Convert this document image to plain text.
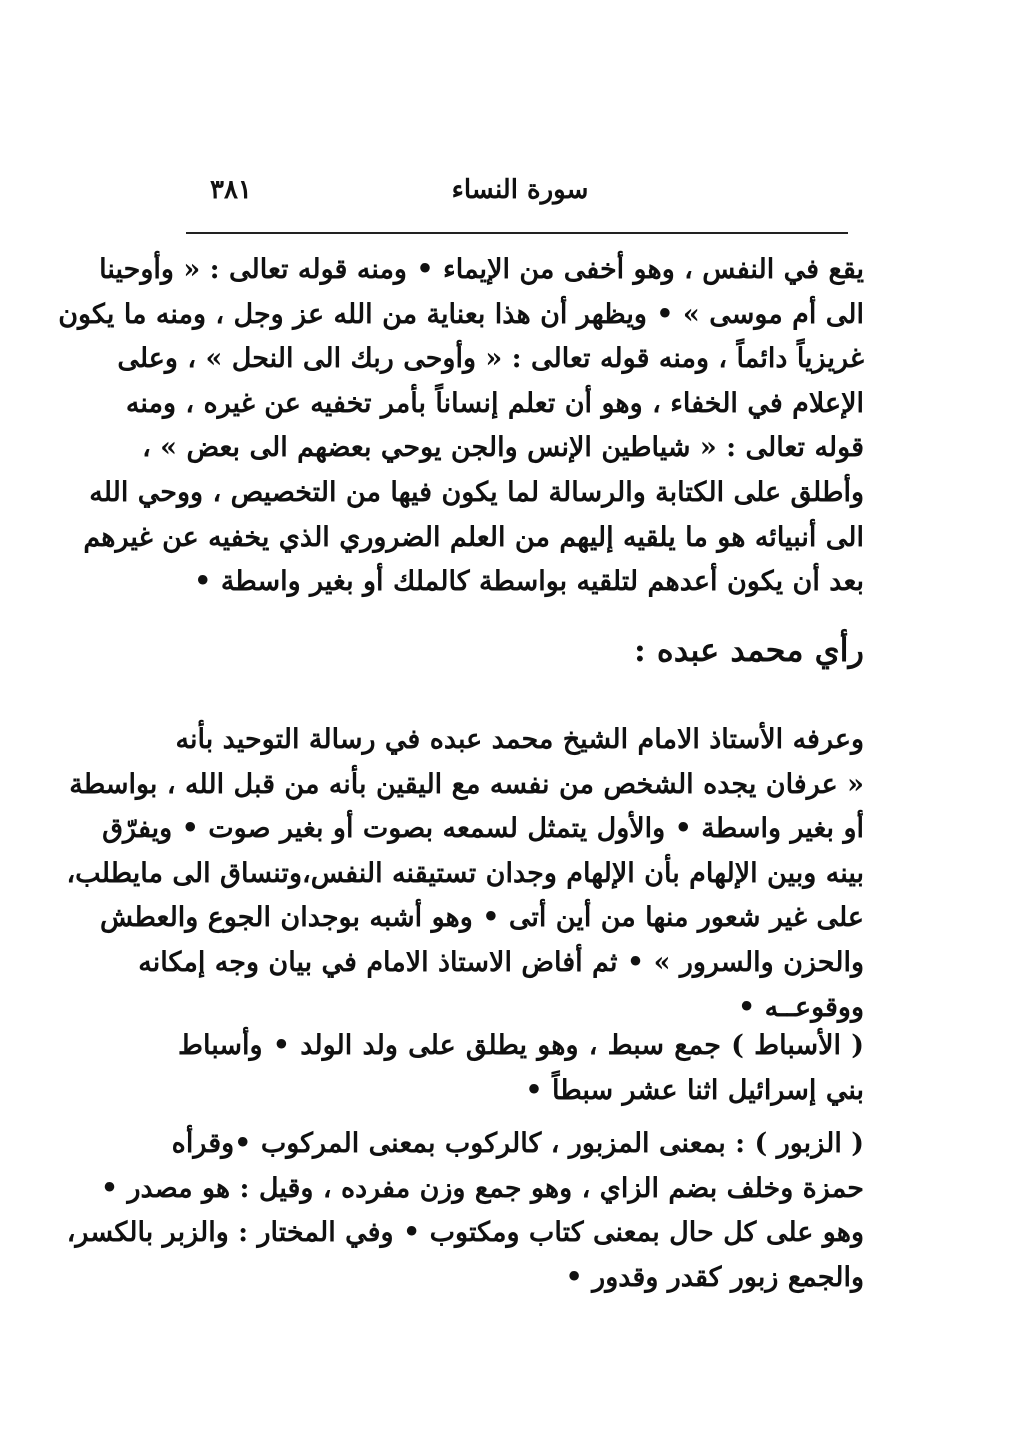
٣٨١	سورة النساء
يقع في النفس ، وهو أخفى من الإيماء • ومنه قوله تعالى : « وأوحينا
الى أم موسى » • ويظهر أن هذا بعناية من الله عز وجل ، ومنه ما يكون
غريزياً دائماً ، ومنه قوله تعالى : « وأوحى ربك الى النحل » ، وعلى
الإعلام في الخفاء ، وهو أن تعلم إنساناً بأمر تخفيه عن غيره ، ومنه
قوله تعالى : « شياطين الإنس والجن يوحي بعضهم الى بعض » ،
وأطلق على الكتابة والرسالة لما يكون فيها من التخصيص ، ووحي الله
الى أنبيائه هو ما يلقيه إليهم من العلم الضروري الذي يخفيه عن غيرهم
بعد أن يكون أعدهم لتلقيه بواسطة كالملك أو بغير واسطة •
رأي محمد عبده :
وعرفه الأستاذ الامام الشيخ محمد عبده في رسالة التوحيد بأنه
« عرفان يجده الشخص من نفسه مع اليقين بأنه من قبل الله ، بواسطة
أو بغير واسطة • والأول يتمثل لسمعه بصوت أو بغير صوت • ويفرّق
بينه وبين الإلهام بأن الإلهام وجدان تستيقنه النفس،وتنساق الى مايطلب،
على غير شعور منها من أين أتى • وهو أشبه بوجدان الجوع والعطش
والحزن والسرور » • ثم أفاض الاستاذ الامام في بيان وجه إمكانه
ووقوعــه •
( الأسباط ) جمع سبط ، وهو يطلق على ولد الولد • وأسباط
بني إسرائيل اثنا عشر سبطاً •
( الزبور ) : بمعنى المزبور ، كالركوب بمعنى المركوب •وقرأه
حمزة وخلف بضم الزاي ، وهو جمع وزن مفرده ، وقيل : هو مصدر •
وهو على كل حال بمعنى كتاب ومكتوب • وفي المختار : والزبر بالكسر،
والجمع زبور كقدر وقدور •
